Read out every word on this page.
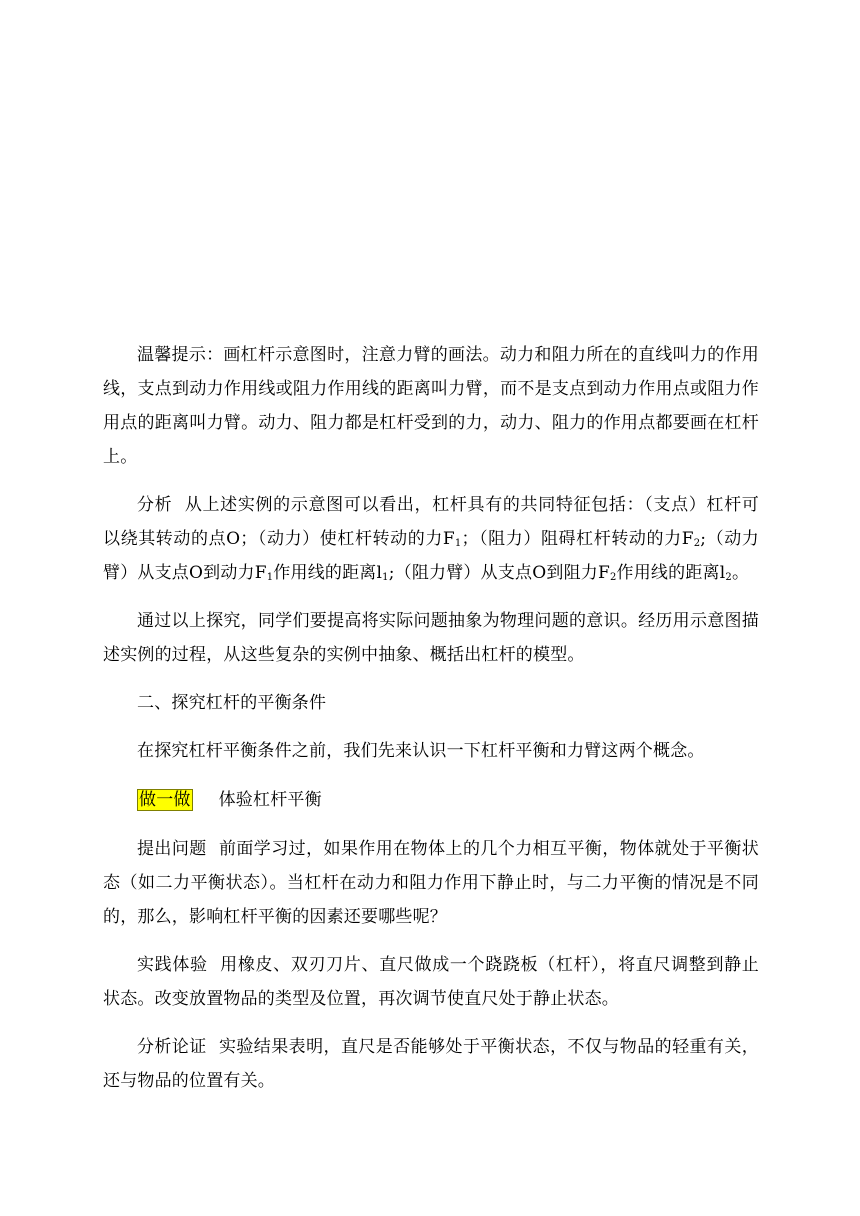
温馨提示：画杠杆示意图时，注意力臂的画法。动力和阻力所在的直线叫力的作用线，支点到动力作用线或阻力作用线的距离叫力臂，而不是支点到动力作用点或阻力作用点的距离叫力臂。动力、阻力都是杠杆受到的力，动力、阻力的作用点都要画在杠杆上。

分析 从上述实例的示意图可以看出，杠杆具有的共同特征包括：（支点）杠杆可以绕其转动的点O；（动力）使杠杆转动的力$F_1$；（阻力）阻碍杠杆转动的力$F_2$;（动力臂）从支点O到动力$F_1$作用线的距离$l_1$;（阻力臂）从支点O到阻力$F_2$作用线的距离$l_2$。

通过以上探究，同学们要提高将实际问题抽象为物理问题的意识。经历用示意图描述实例的过程，从这些复杂的实例中抽象、概括出杠杆的模型。

二、探究杠杆的平衡条件

在探究杠杆平衡条件之前，我们先来认识一下杠杆平衡和力臂这两个概念。

做一做 体验杠杆平衡

提出问题 前面学习过，如果作用在物体上的几个力相互平衡，物体就处于平衡状态（如二力平衡状态）。当杠杆在动力和阻力作用下静止时，与二力平衡的情况是不同的，那么，影响杠杆平衡的因素还要哪些呢？

实践体验 用橡皮、双刃刀片、直尺做成一个跷跷板（杠杆），将直尺调整到静止状态。改变放置物品的类型及位置，再次调节使直尺处于静止状态。

分析论证 实验结果表明，直尺是否能够处于平衡状态，不仅与物品的轻重有关，还与物品的位置有关。
